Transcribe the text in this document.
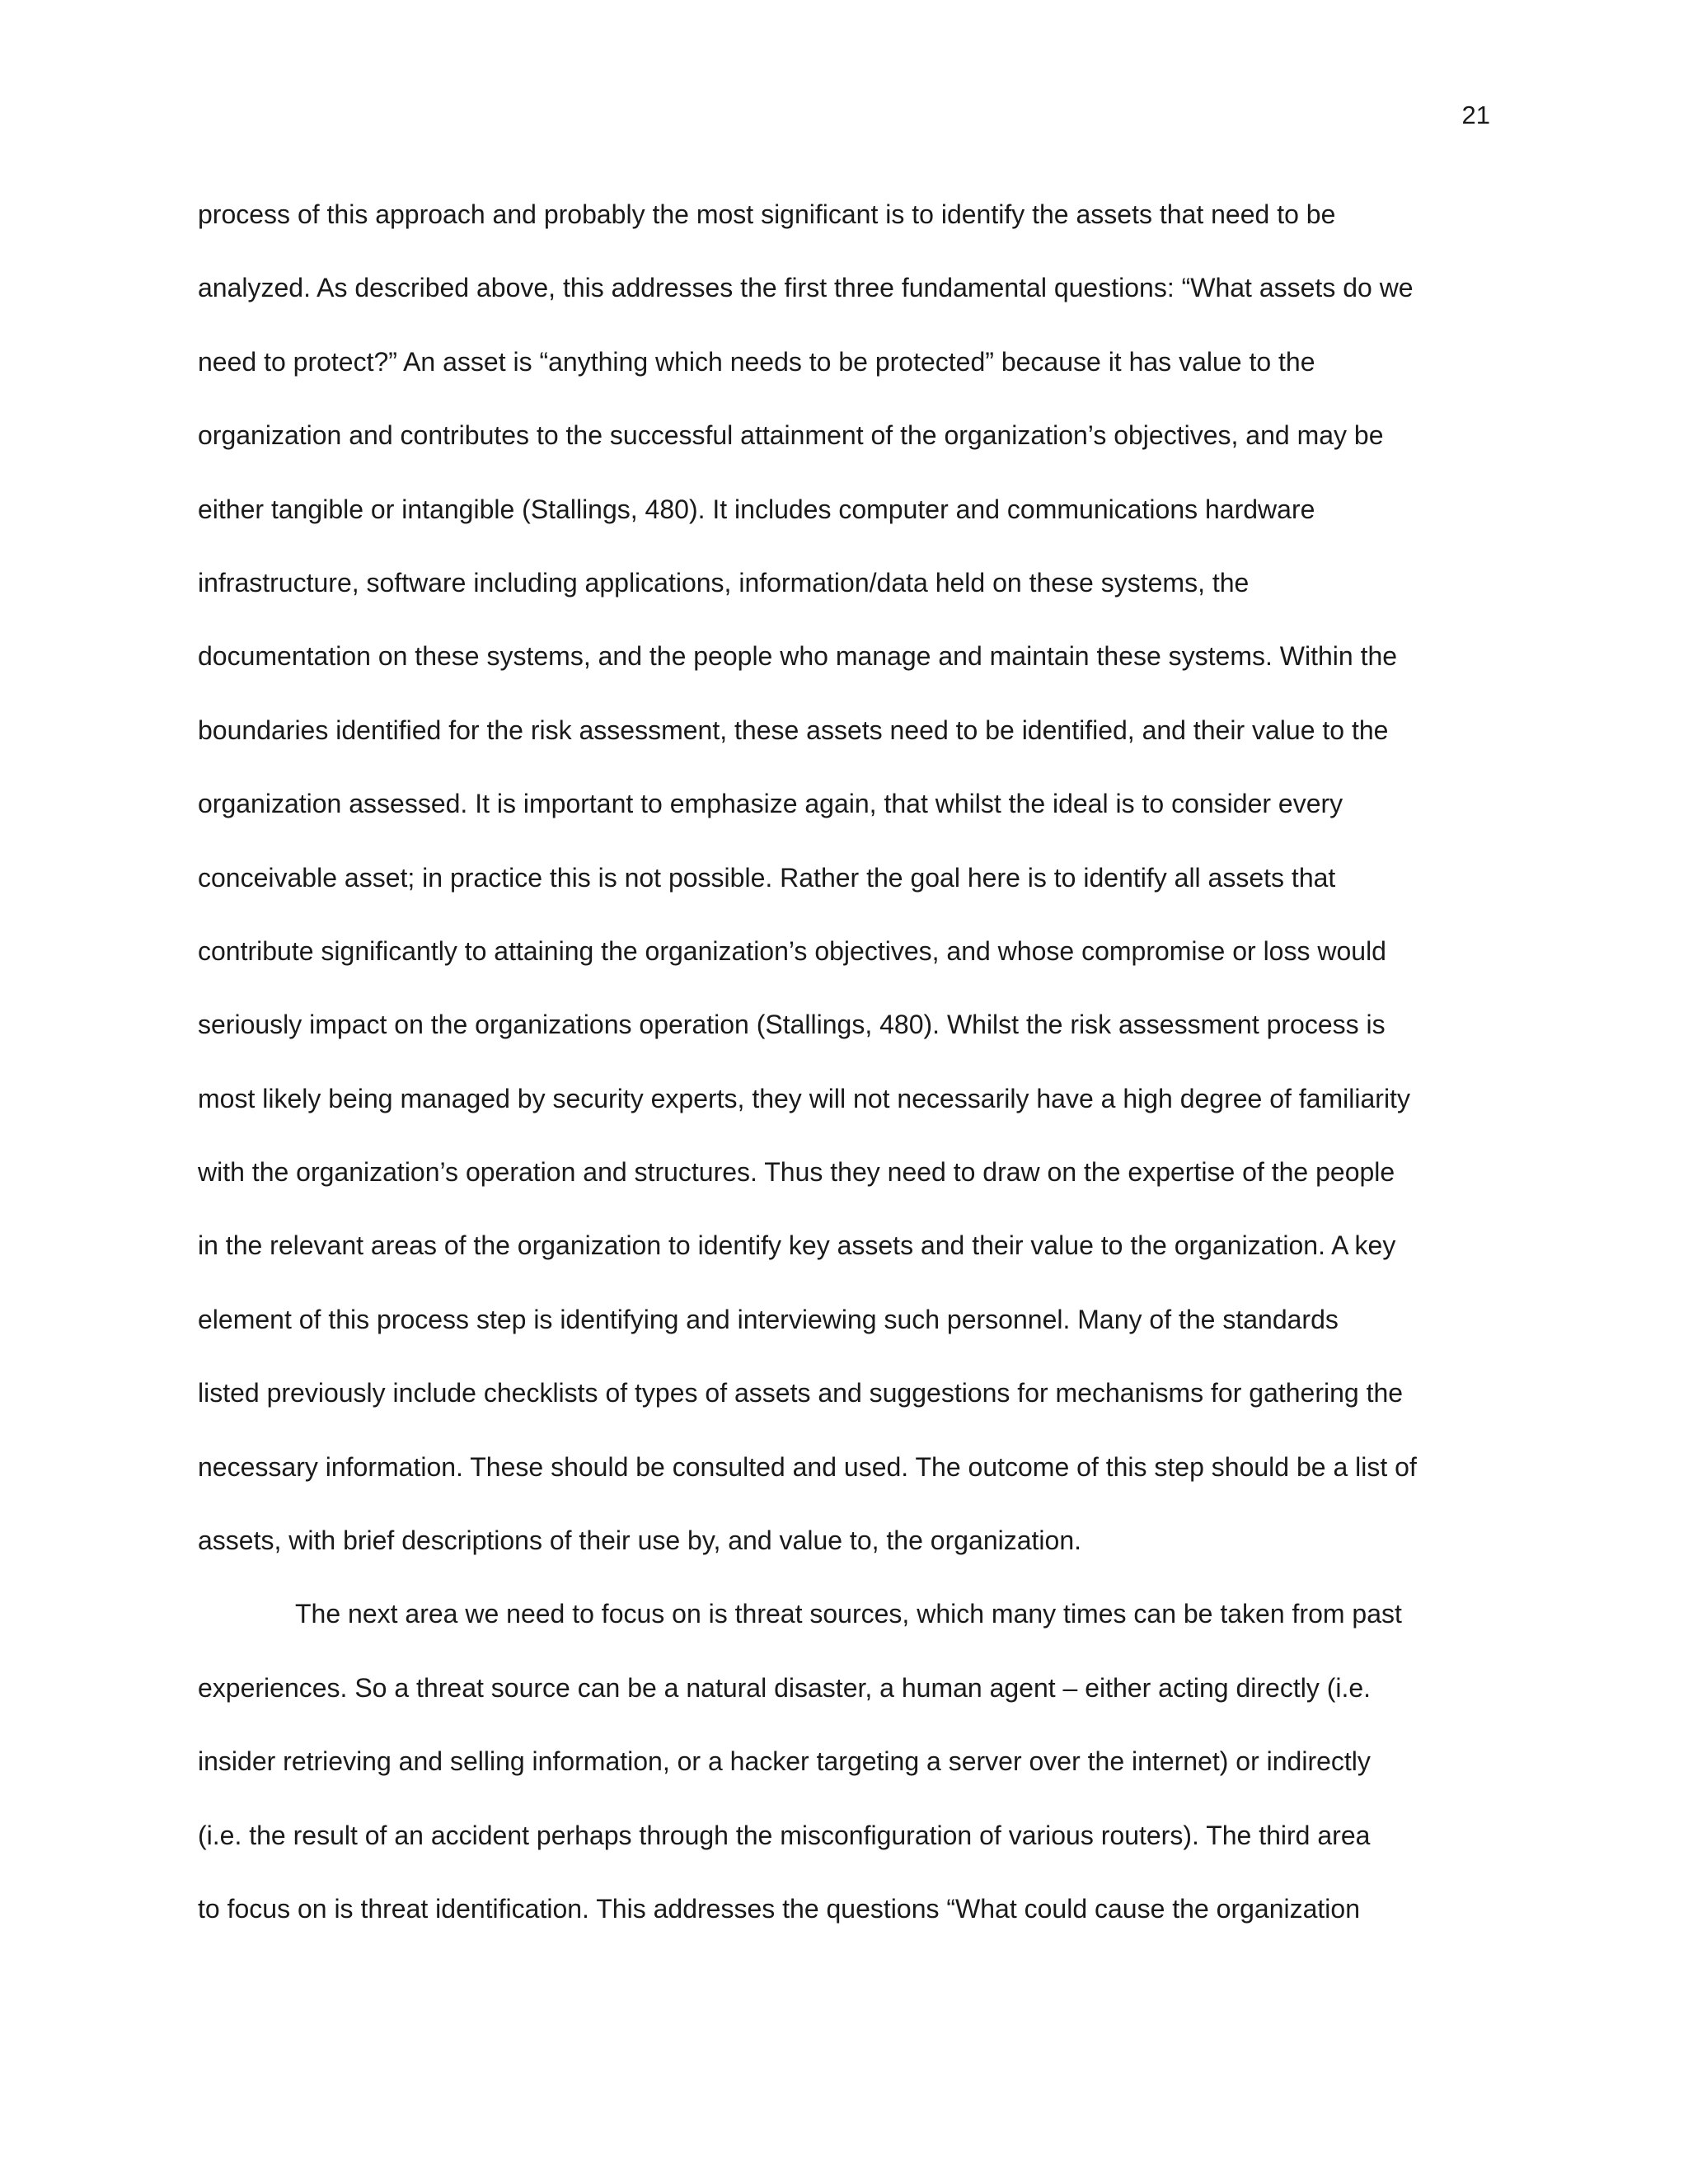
21
process of this approach and probably the most significant is to identify the assets that need to be
analyzed. As described above, this addresses the first three fundamental questions: “What assets do we
need to protect?” An asset is “anything which needs to be protected” because it has value to the
organization and contributes to the successful attainment of the organization’s objectives, and may be
either tangible or intangible (Stallings, 480). It includes computer and communications hardware
infrastructure, software including applications, information/data held on these systems, the
documentation on these systems, and the people who manage and maintain these systems. Within the
boundaries identified for the risk assessment, these assets need to be identified, and their value to the
organization assessed. It is important to emphasize again, that whilst the ideal is to consider every
conceivable asset; in practice this is not possible. Rather the goal here is to identify all assets that
contribute significantly to attaining the organization’s objectives, and whose compromise or loss would
seriously impact on the organizations operation (Stallings, 480). Whilst the risk assessment process is
most likely being managed by security experts, they will not necessarily have a high degree of familiarity
with the organization’s operation and structures. Thus they need to draw on the expertise of the people
in the relevant areas of the organization to identify key assets and their value to the organization. A key
element of this process step is identifying and interviewing such personnel. Many of the standards
listed previously include checklists of types of assets and suggestions for mechanisms for gathering the
necessary information. These should be consulted and used. The outcome of this step should be a list of
assets, with brief descriptions of their use by, and value to, the organization.
The next area we need to focus on is threat sources, which many times can be taken from past
experiences. So a threat source can be a natural disaster, a human agent – either acting directly (i.e.
insider retrieving and selling information, or a hacker targeting a server over the internet) or indirectly
(i.e. the result of an accident perhaps through the misconfiguration of various routers). The third area
to focus on is threat identification. This addresses the questions “What could cause the organization
